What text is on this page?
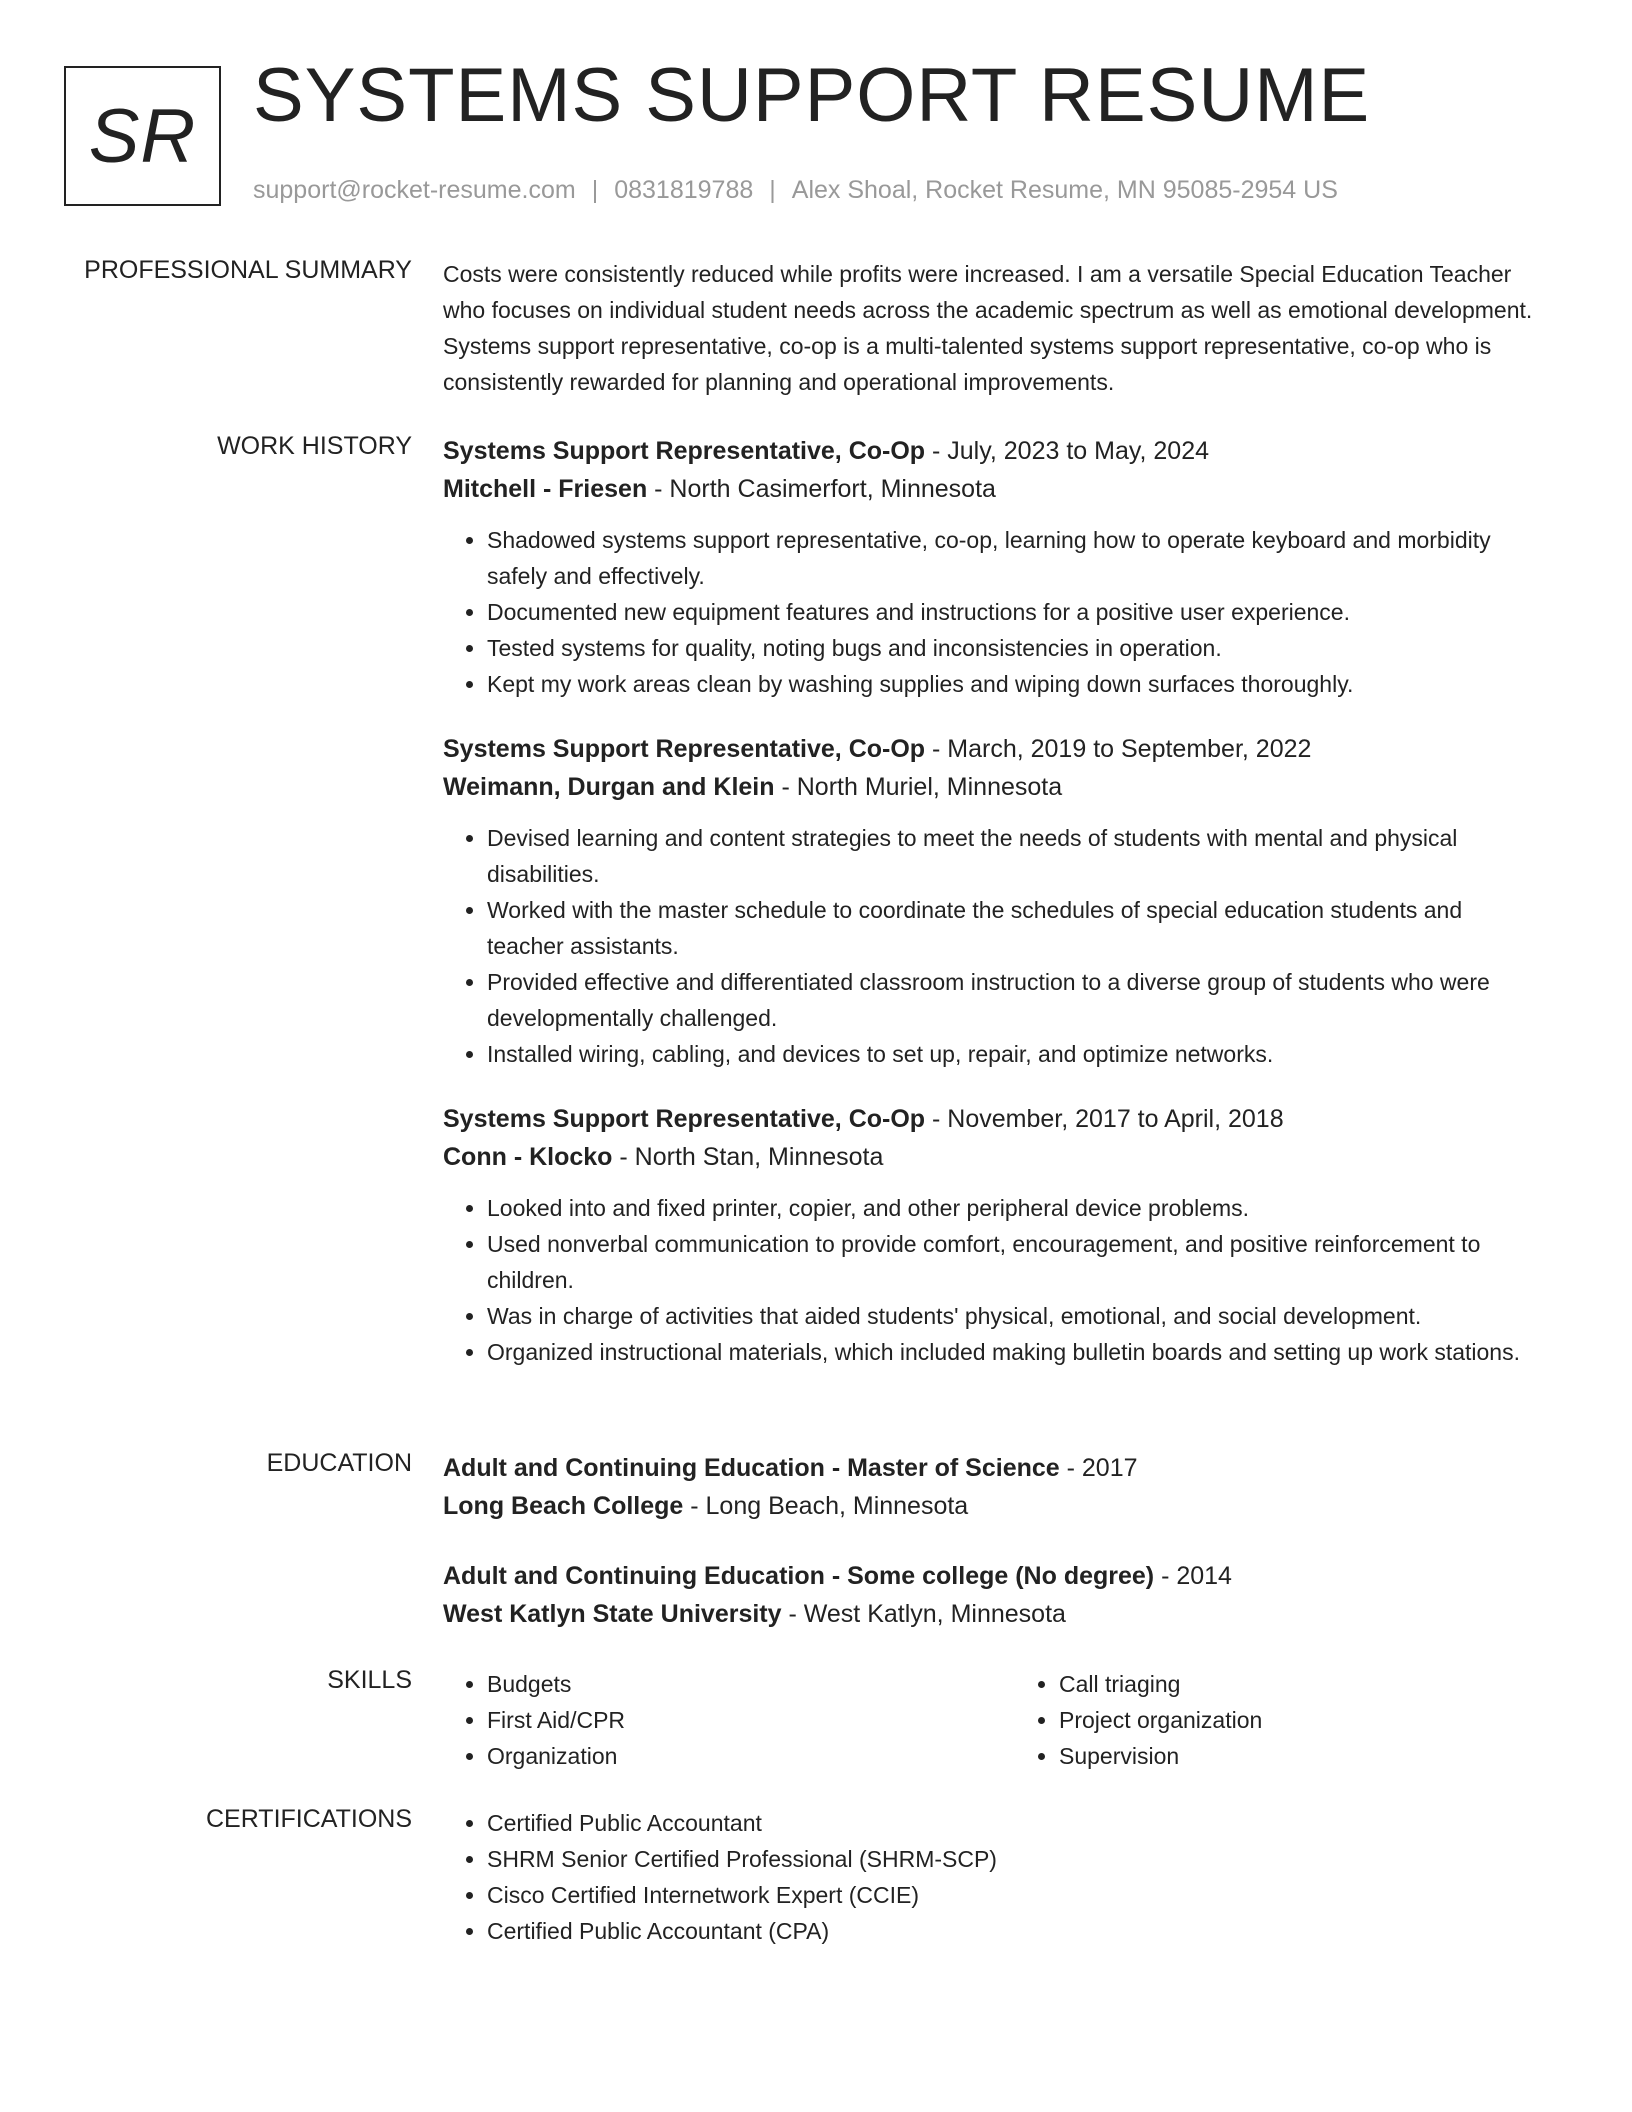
SR SYSTEMS SUPPORT RESUME
support@rocket-resume.com | 0831819788 | Alex Shoal, Rocket Resume, MN 95085-2954 US
PROFESSIONAL SUMMARY Costs were consistently reduced while profits were increased. I am a versatile Special Education Teacher who focuses on individual student needs across the academic spectrum as well as emotional development. Systems support representative, co-op is a multi-talented systems support representative, co-op who is consistently rewarded for planning and operational improvements.

WORK HISTORY Systems Support Representative, Co-Op - July, 2023 to May, 2024
Mitchell - Friesen - North Casimerfort, Minnesota
• Shadowed systems support representative, co-op, learning how to operate keyboard and morbidity safely and effectively.
• Documented new equipment features and instructions for a positive user experience.
• Tested systems for quality, noting bugs and inconsistencies in operation.
• Kept my work areas clean by washing supplies and wiping down surfaces thoroughly.
Systems Support Representative, Co-Op - March, 2019 to September, 2022
Weimann, Durgan and Klein - North Muriel, Minnesota
• Devised learning and content strategies to meet the needs of students with mental and physical disabilities.
• Worked with the master schedule to coordinate the schedules of special education students and teacher assistants.
• Provided effective and differentiated classroom instruction to a diverse group of students who were developmentally challenged.
• Installed wiring, cabling, and devices to set up, repair, and optimize networks.
Systems Support Representative, Co-Op - November, 2017 to April, 2018
Conn - Klocko - North Stan, Minnesota
• Looked into and fixed printer, copier, and other peripheral device problems.
• Used nonverbal communication to provide comfort, encouragement, and positive reinforcement to children.
• Was in charge of activities that aided students' physical, emotional, and social development.
• Organized instructional materials, which included making bulletin boards and setting up work stations.
EDUCATION Adult and Continuing Education - Master of Science - 2017
Long Beach College - Long Beach, Minnesota
Adult and Continuing Education - Some college (No degree) - 2014
West Katlyn State University - West Katlyn, Minnesota
SKILLS	• Budgets
• First Aid/CPR
• Organization
• Call triaging
• Project organization
• Supervision
CERTIFICATIONS	• Certified Public Accountant
• SHRM Senior Certified Professional (SHRM-SCP)
• Cisco Certified Internetwork Expert (CCIE)
• Certified Public Accountant (CPA)
